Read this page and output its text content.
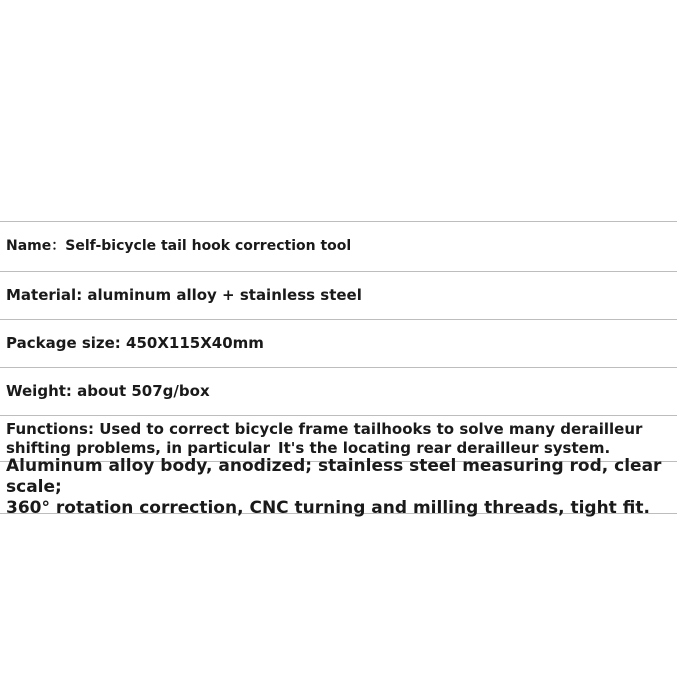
Name：Self-bicycle tail hook correction tool
Material: aluminum alloy + stainless steel
Package size: 450X115X40mm
Weight: about 507g/box
Functions: Used to correct bicycle frame tailhooks to solve many derailleur
shifting problems, in particular It's the locating rear derailleur system.
Aluminum alloy body, anodized; stainless steel measuring rod, clear scale;
360° rotation correction, CNC turning and milling threads, tight fit.
